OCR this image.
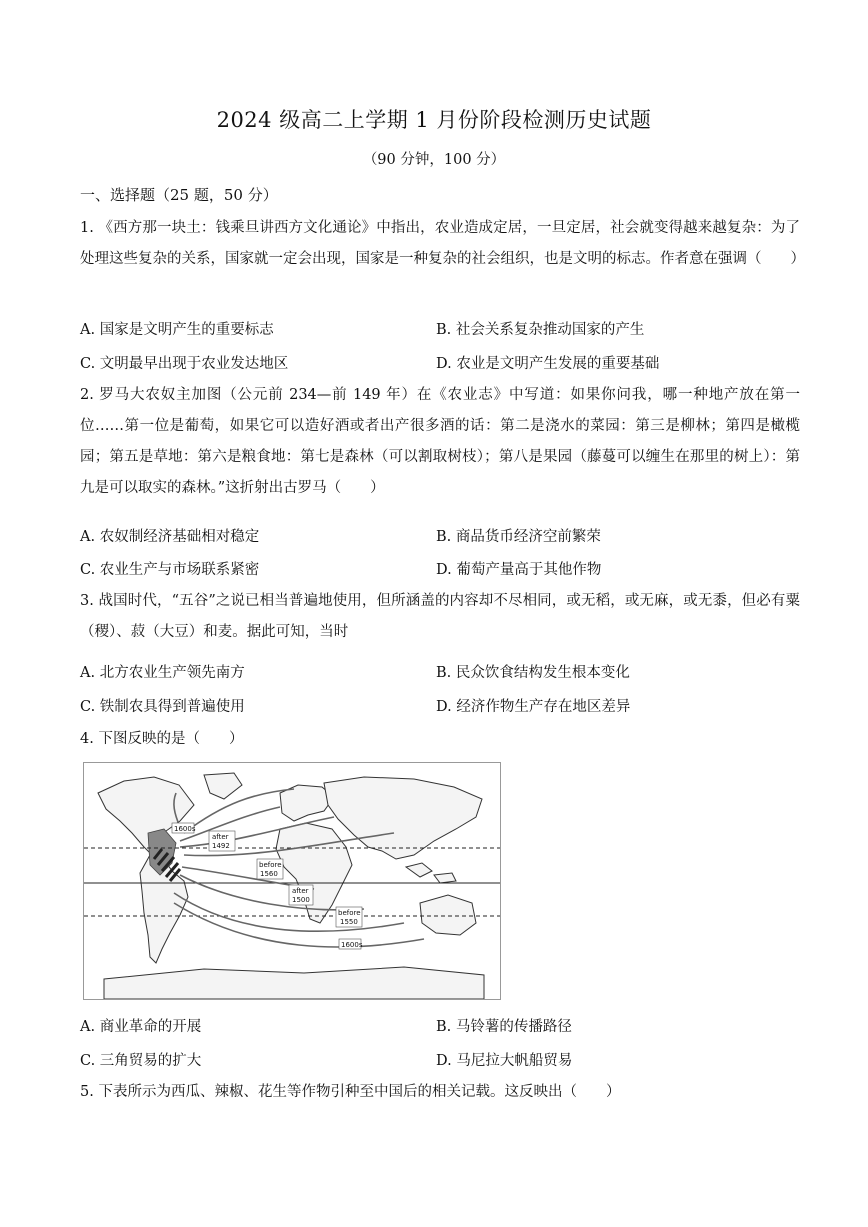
2024 级高二上学期 1 月份阶段检测历史试题
（90 分钟，100 分）
一、选择题（25 题，50 分）
1. 《西方那一块土：钱乘旦讲西方文化通论》中指出，农业造成定居，一旦定居，社会就变得越来越复杂：为了处理这些复杂的关系，国家就一定会出现，国家是一种复杂的社会组织，也是文明的标志。作者意在强调（　　）
A. 国家是文明产生的重要标志	B. 社会关系复杂推动国家的产生
C. 文明最早出现于农业发达地区	D. 农业是文明产生发展的重要基础
2. 罗马大农奴主加图（公元前 234—前 149 年）在《农业志》中写道：如果你问我，哪一种地产放在第一位……第一位是葡萄，如果它可以造好酒或者出产很多酒的话：第二是浇水的菜园：第三是柳林；第四是橄榄园；第五是草地：第六是粮食地：第七是森林（可以割取树枝）；第八是果园（藤蔓可以缠生在那里的树上）：第九是可以取实的森林。”这折射出古罗马（　　）
A. 农奴制经济基础相对稳定	B. 商品货币经济空前繁荣
C. 农业生产与市场联系紧密	D. 葡萄产量高于其他作物
3. 战国时代，“五谷”之说已相当普遍地使用，但所涵盖的内容却不尽相同，或无稻，或无麻，或无黍，但必有粟（稷）、菽（大豆）和麦。据此可知，当时
A. 北方农业生产领先南方	B. 民众饮食结构发生根本变化
C. 铁制农具得到普遍使用	D. 经济作物生产存在地区差异
4. 下图反映的是（　　）
1600s
after
1492
before
1560
after
1500
before
1550
1600s
A. 商业革命的开展	B. 马铃薯的传播路径
C. 三角贸易的扩大	D. 马尼拉大帆船贸易
5. 下表所示为西瓜、辣椒、花生等作物引种至中国后的相关记载。这反映出（　　）
